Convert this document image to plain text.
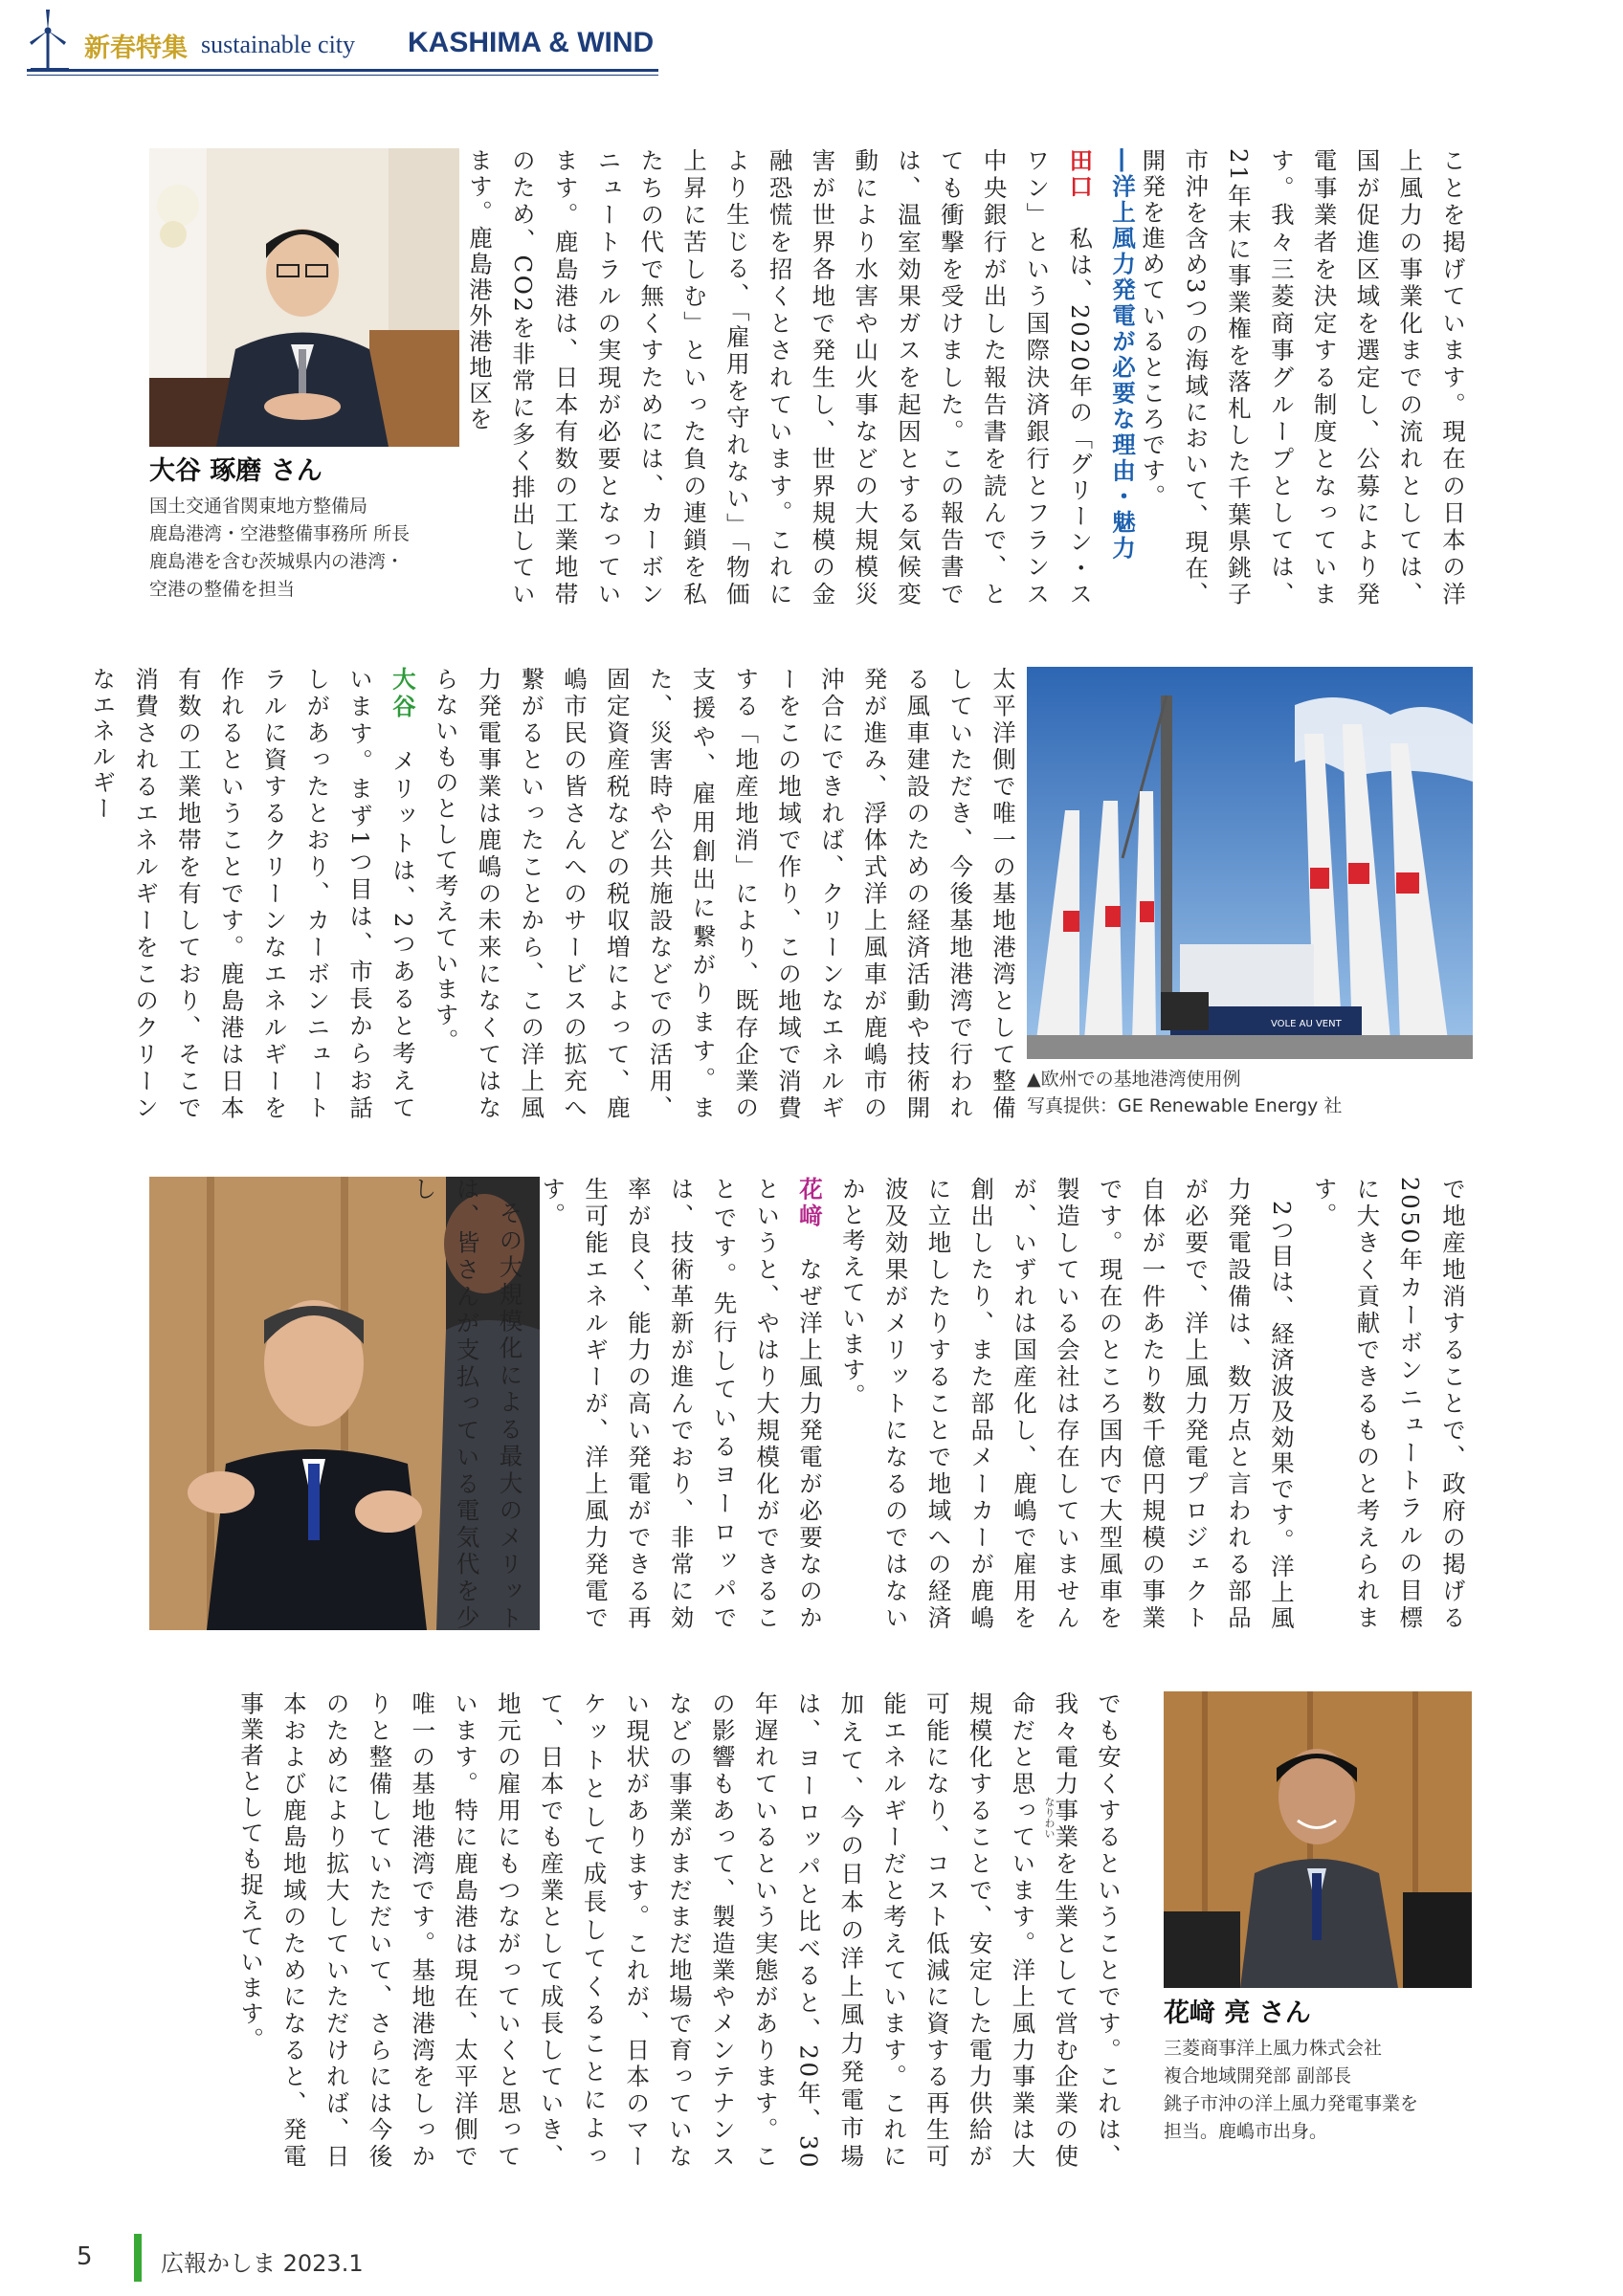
新春特集 sustainable city KASHIMA & WIND
大谷 琢磨 さん
国土交通省関東地方整備局
鹿島港湾・空港整備事務所 所長
鹿島港を含む茨城県内の港湾・
空港の整備を担当	ことを掲げています。現在の日本の洋上風力の事業化までの流れとしては、国が促進区域を選定し、公募により発電事業者を決定する制度となっています。我々三菱商事グループとしては、21年末に事業権を落札した千葉県銚子市沖を含め3つの海域において、現在、開発を進めているところです。

―洋上風力発電が必要な理由・魅力

田口　私は、2020年の「グリーン・スワン」という国際決済銀行とフランス中央銀行が出した報告書を読んで、とても衝撃を受けました。この報告書では、温室効果ガスを起因とする気候変動により水害や山火事などの大規模災害が世界各地で発生し、世界規模の金融恐慌を招くとされています。これにより生じる、「雇用を守れない」「物価上昇に苦しむ」といった負の連鎖を私たちの代で無くすためには、カーボンニュートラルの実現が必要となっています。鹿島港は、日本有数の工業地帯のため、CO2を非常に多く排出しています。鹿島港外港地区を

VOLE AU VENT
▲欧州での基地港湾使用例
写真提供：GE Renewable Energy 社

太平洋側で唯一の基地港湾として整備していただき、今後基地港湾で行われる風車建設のための経済活動や技術開発が進み、浮体式洋上風車が鹿嶋市の沖合にできれば、クリーンなエネルギーをこの地域で作り、この地域で消費する「地産地消」により、既存企業の支援や、雇用創出に繋がります。また、災害時や公共施設などでの活用、固定資産税などの税収増によって、鹿嶋市民の皆さんへのサービスの拡充へ繋がるといったことから、この洋上風力発電事業は鹿嶋の未来になくてはならないものとして考えています。

大谷　メリットは、2つあると考えています。まず1つ目は、市長からお話しがあったとおり、カーボンニュートラルに資するクリーンなエネルギーを作れるということです。鹿島港は日本有数の工業地帯を有しており、そこで消費されるエネルギーをこのクリーンなエネルギー

で地産地消することで、政府の掲げる2050年カーボンニュートラルの目標に大きく貢献できるものと考えられます。

2つ目は、経済波及効果です。洋上風力発電設備は、数万点と言われる部品が必要で、洋上風力発電プロジェクト自体が一件あたり数千億円規模の事業です。現在のところ国内で大型風車を製造している会社は存在していませんが、いずれは国産化し、鹿嶋で雇用を創出したり、また部品メーカーが鹿嶋に立地したりすることで地域への経済波及効果がメリットになるのではないかと考えています。

花﨑　なぜ洋上風力発電が必要なのかというと、やはり大規模化ができることです。先行しているヨーロッパでは、技術革新が進んでおり、非常に効率が良く、能力の高い発電ができる再生可能エネルギーが、洋上風力発電です。

その大規模化による最大のメリットは、皆さんが支払っている電気代を少し

でも安くするということです。これは、我々電力事業を生業として営む企業の使命だと思っています。洋上風力事業は大規模化することで、安定した電力供給が可能になり、コスト低減に資する再生可能エネルギーだと考えています。これに加えて、今の日本の洋上風力発電市場は、ヨーロッパと比べると、20年、30年遅れているという実態があります。この影響もあって、製造業やメンテナンスなどの事業がまだまだ地場で育っていない現状があります。これが、日本のマーケットとして成長してくることによって、日本でも産業として成長していき、地元の雇用にもつながっていくと思っています。特に鹿島港は現在、太平洋側で唯一の基地港湾です。基地港湾をしっかりと整備していただいて、さらには今後のためにより拡大していただければ、日本および鹿島地域のためになると、発電事業者としても捉えています。	なりわい
花﨑 亮 さん
三菱商事洋上風力株式会社
複合地域開発部 副部長
銚子市沖の洋上風力発電事業を
担当。鹿嶋市出身。
5	広報かしま 2023.1
